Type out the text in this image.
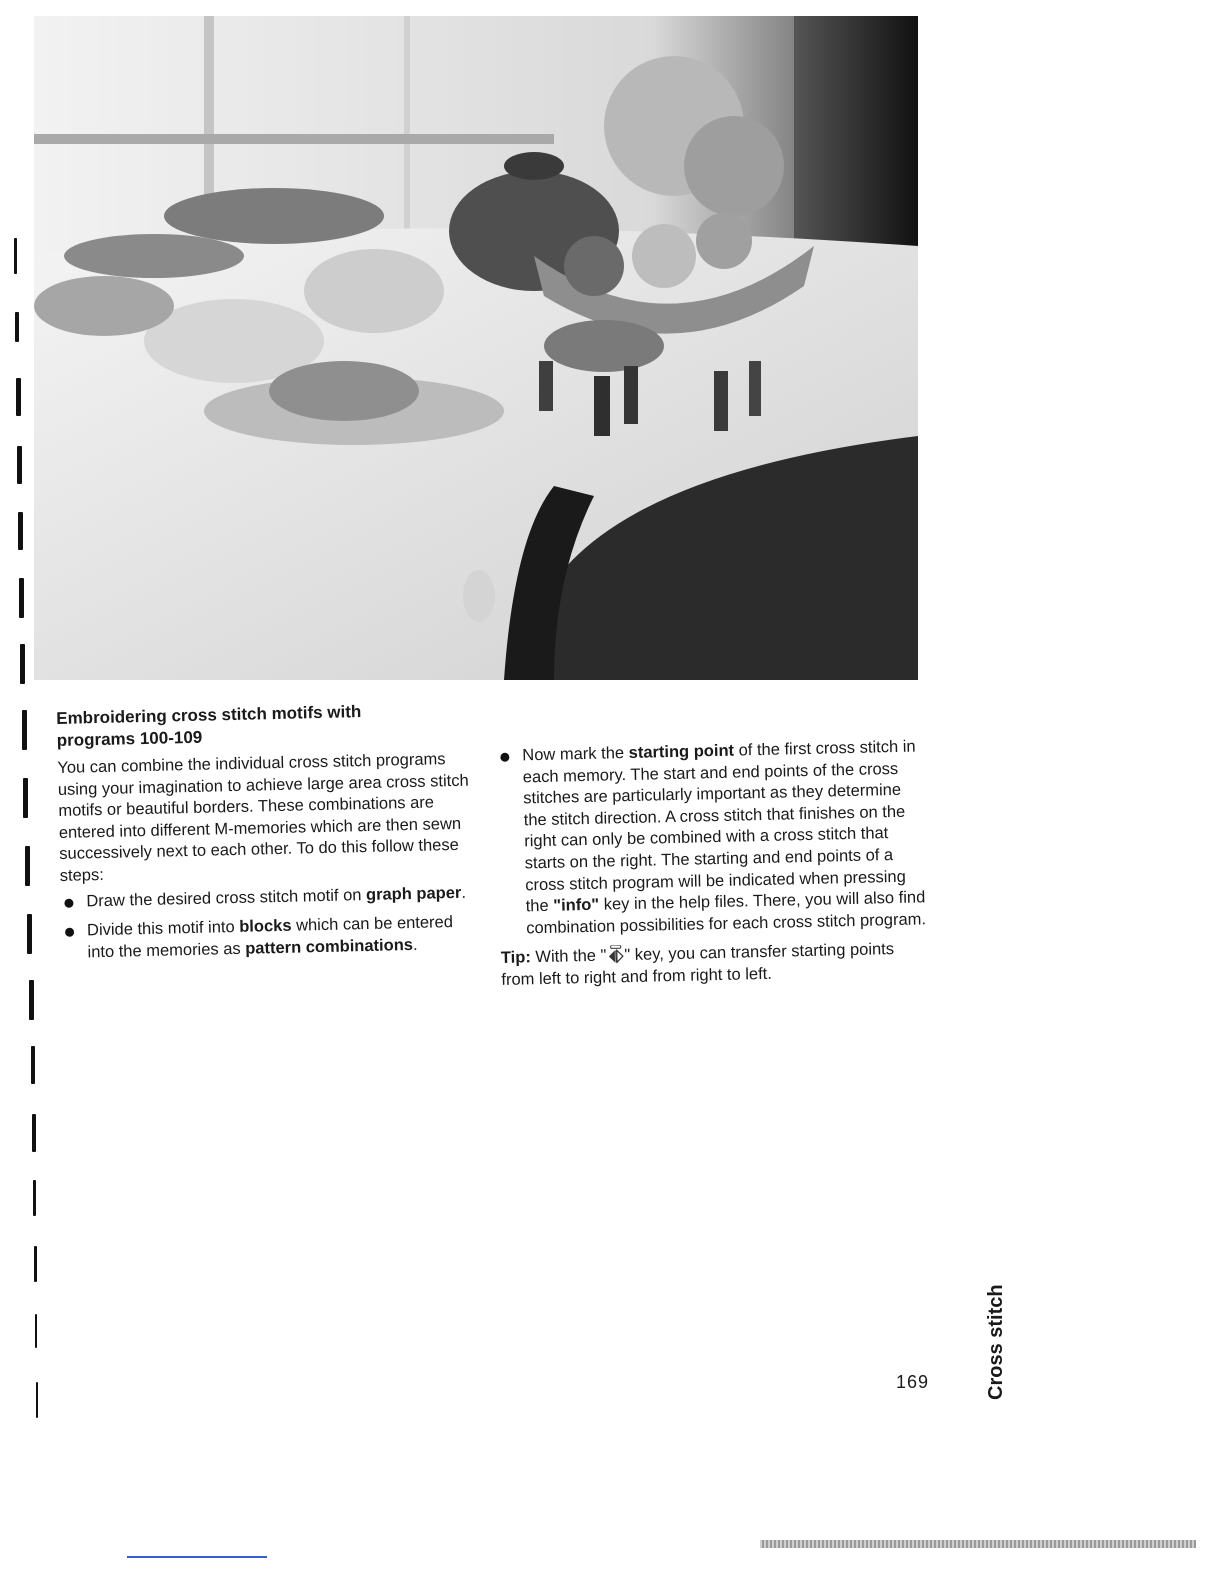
Embroidering cross stitch motifs with
programs 100-109

You can combine the individual cross stitch programs using your imagination to achieve large area cross stitch motifs or beautiful borders. These combinations are entered into different M-memories which are then sewn successively next to each other. To do this follow these steps:

Draw the desired cross stitch motif on graph paper.
Divide this motif into blocks which can be entered into the memories as pattern combinations.
Now mark the starting point of the first cross stitch in each memory. The start and end points of the cross stitches are particularly important as they determine the stitch direction. A cross stitch that finishes on the right can only be combined with a cross stitch that starts on the right. The starting and end points of a cross stitch program will be indicated when pressing the "info" key in the help files. There, you will also find combination possibilities for each cross stitch program.

Tip: With the " " key, you can transfer starting points from left to right and from right to left.

169	Cross stitch
